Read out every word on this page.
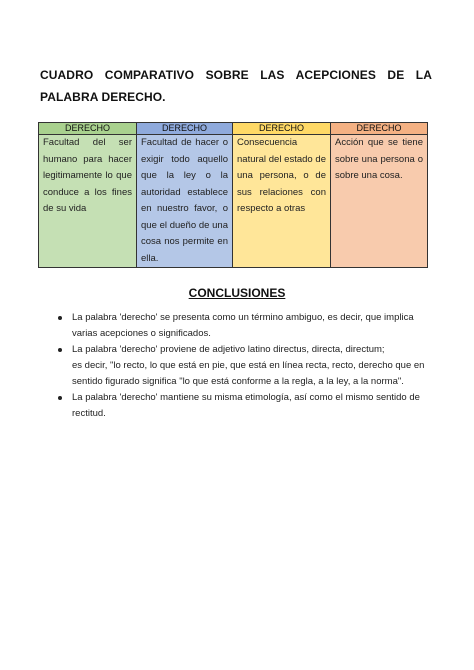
CUADRO COMPARATIVO SOBRE LAS ACEPCIONES DE LA PALABRA DERECHO.
DERECHO	DERECHO	DERECHO	DERECHO
Facultad del ser humano para hacer legitimamente lo que conduce a los fines de su vida	Facultad de hacer o exigir todo aquello que la ley o la autoridad establece en nuestro favor, o que el dueño de una cosa nos permite en ella.	Consecuencia natural del estado de una persona, o de sus relaciones con respecto a otras	Acción que se tiene sobre una persona o sobre una cosa.
CONCLUSIONES

La palabra 'derecho' se presenta como un término ambiguo, es decir, que implica varias acepciones o significados.

La palabra 'derecho' proviene de adjetivo latino directus, directa, directum;

es decir, "lo recto, lo que está en pie, que está en línea recta, recto, derecho que en sentido figurado significa "lo que está conforme a la regla, a la ley, a la norma".

La palabra 'derecho' mantiene su misma etimología, así como el mismo sentido de rectitud.
